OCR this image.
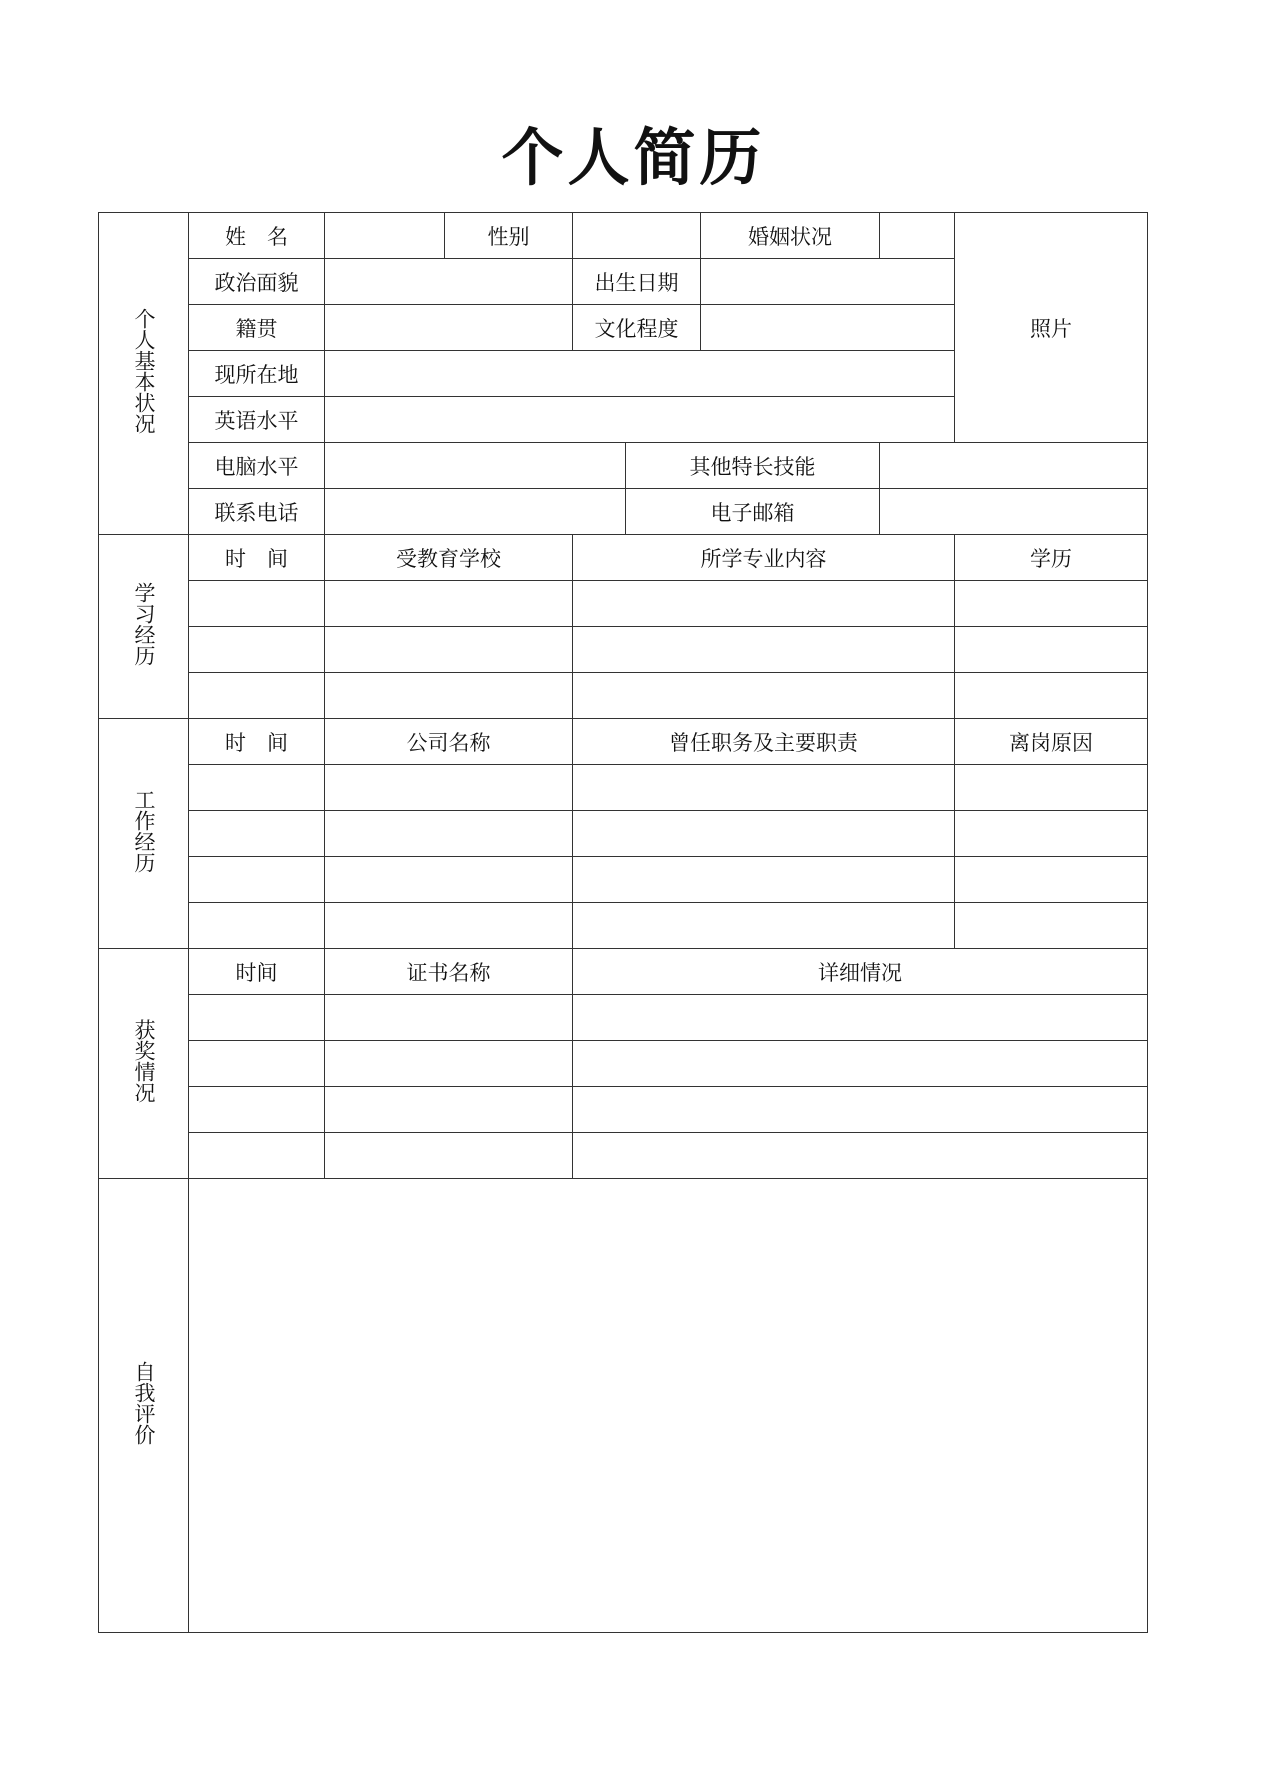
个人简历
个人基本状况	姓　名		性别			婚姻状况		照片
	政治面貌			出生日期				
	籍贯			文化程度				
	现所在地							
	英语水平							
	电脑水平				其他特长技能			
	联系电话				电子邮箱			
学习经历	时　间	受教育学校		所学专业内容				学历

工作经历	时　间	公司名称		曾任职务及主要职责				离岗原因

获奖情况	时间	证书名称		详细情况				

自我评价								
